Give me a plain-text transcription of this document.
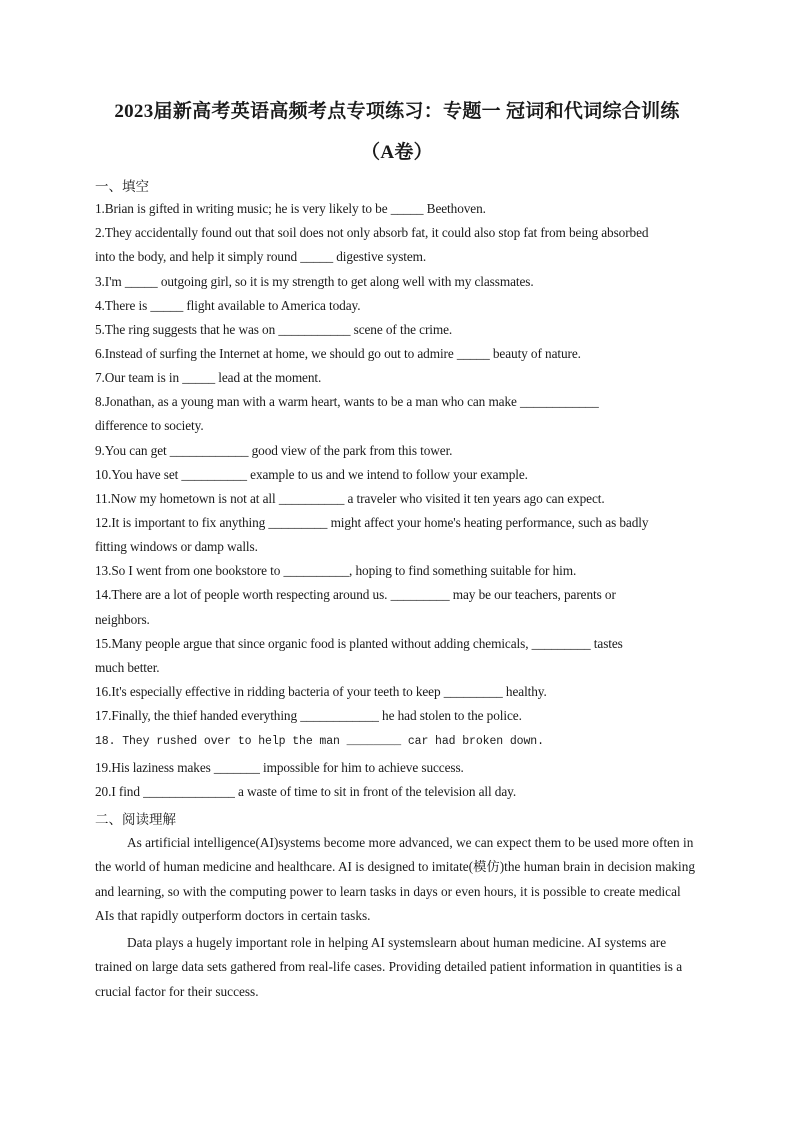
2023届新高考英语高频考点专项练习：专题一 冠词和代词综合训练
（A卷）
一、填空
1.Brian is gifted in writing music; he is very likely to be _____ Beethoven.
2.They accidentally found out that soil does not only absorb fat, it could also stop fat from being absorbed
into the body, and help it simply round _____ digestive system.
3.I'm _____ outgoing girl, so it is my strength to get along well with my classmates.
4.There is _____ flight available to America today.
5.The ring suggests that he was on ___________ scene of the crime.
6.Instead of surfing the Internet at home, we should go out to admire _____ beauty of nature.
7.Our team is in _____ lead at the moment.
8.Jonathan, as a young man with a warm heart, wants to be a man who can make ____________
difference to society.
9.You can get ____________ good view of the park from this tower.
10.You have set __________ example to us and we intend to follow your example.
11.Now my hometown is not at all __________ a traveler who visited it ten years ago can expect.
12.It is important to fix anything _________ might affect your home's heating performance, such as badly
fitting windows or damp walls.
13.So I went from one bookstore to __________, hoping to find something suitable for him.
14.There are a lot of people worth respecting around us. _________ may be our teachers, parents or
neighbors.
15.Many people argue that since organic food is planted without adding chemicals, _________ tastes
much better.
16.It's especially effective in ridding bacteria of your teeth to keep _________ healthy.
17.Finally, the thief handed everything ____________ he had stolen to the police.
18. They rushed over to help the man ________ car had broken down.
19.His laziness makes _______ impossible for him to achieve success.
20.I find ______________ a waste of time to sit in front of the television all day.
二、阅读理解

As artificial intelligence(AI)systems become more advanced, we can expect them to be used more often in the world of human medicine and healthcare. AI is designed to imitate(模仿)the human brain in decision making and learning, so with the computing power to learn tasks in days or even hours, it is possible to create medical AIs that rapidly outperform doctors in certain tasks.

Data plays a hugely important role in helping AI systemslearn about human medicine. AI systems are trained on large data sets gathered from real-life cases. Providing detailed patient information in quantities is a crucial factor for their success.
